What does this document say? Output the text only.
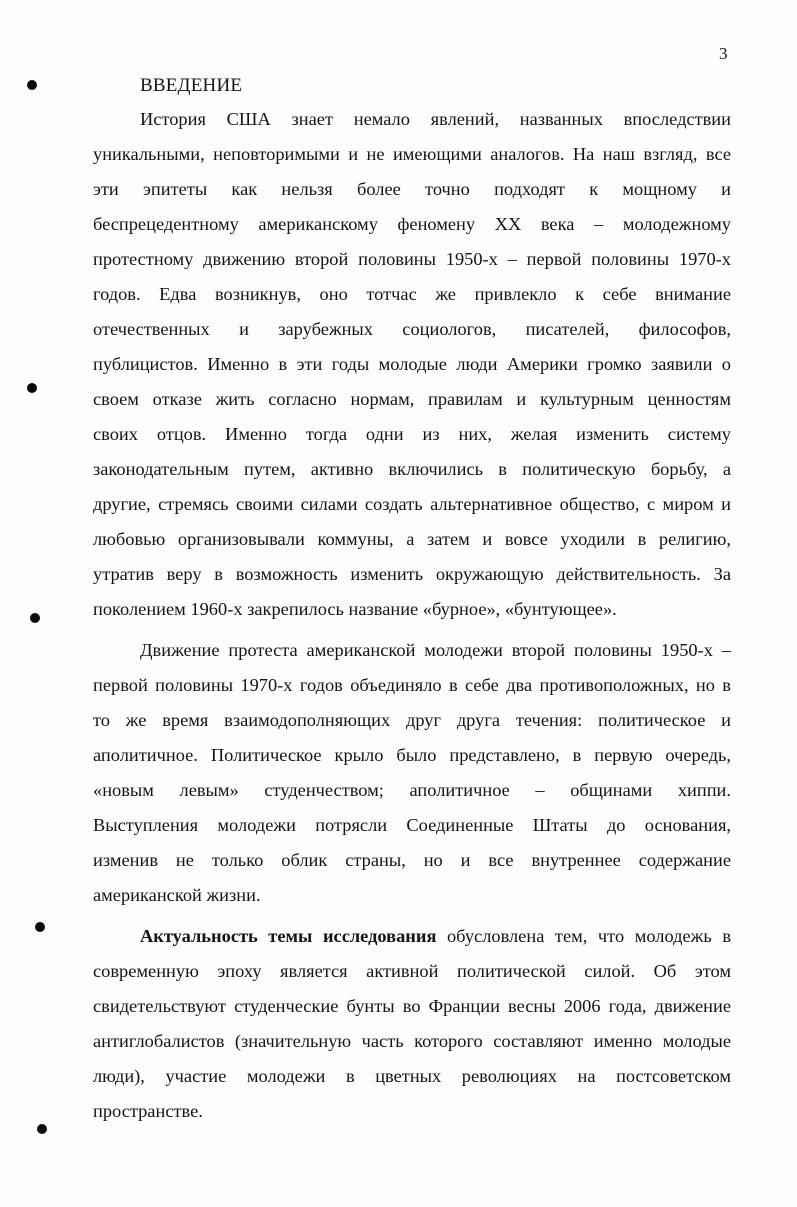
3
ВВЕДЕНИЕ
История США знает немало явлений, названных впоследствии
уникальными, неповторимыми и не имеющими аналогов. На наш взгляд, все
эти эпитеты как нельзя более точно подходят к мощному и
беспрецедентному американскому феномену XX века – молодежному
протестному движению второй половины 1950-х – первой половины 1970-х
годов. Едва возникнув, оно тотчас же привлекло к себе внимание
отечественных и зарубежных социологов, писателей, философов,
публицистов. Именно в эти годы молодые люди Америки громко заявили о
своем отказе жить согласно нормам, правилам и культурным ценностям
своих отцов. Именно тогда одни из них, желая изменить систему
законодательным путем, активно включились в политическую борьбу, а
другие, стремясь своими силами создать альтернативное общество, с миром и
любовью организовывали коммуны, а затем и вовсе уходили в религию,
утратив веру в возможность изменить окружающую действительность. За
поколением 1960-х закрепилось название «бурное», «бунтующее».
Движение протеста американской молодежи второй половины 1950-х –
первой половины 1970-х годов объединяло в себе два противоположных, но в
то же время взаимодополняющих друг друга течения: политическое и
аполитичное. Политическое крыло было представлено, в первую очередь,
«новым левым» студенчеством; аполитичное – общинами хиппи.
Выступления молодежи потрясли Соединенные Штаты до основания,
изменив не только облик страны, но и все внутреннее содержание
американской жизни.
Актуальность темы исследования обусловлена тем, что молодежь в
современную эпоху является активной политической силой. Об этом
свидетельствуют студенческие бунты во Франции весны 2006 года, движение
антиглобалистов (значительную часть которого составляют именно молодые
люди), участие молодежи в цветных революциях на постсоветском
пространстве.
